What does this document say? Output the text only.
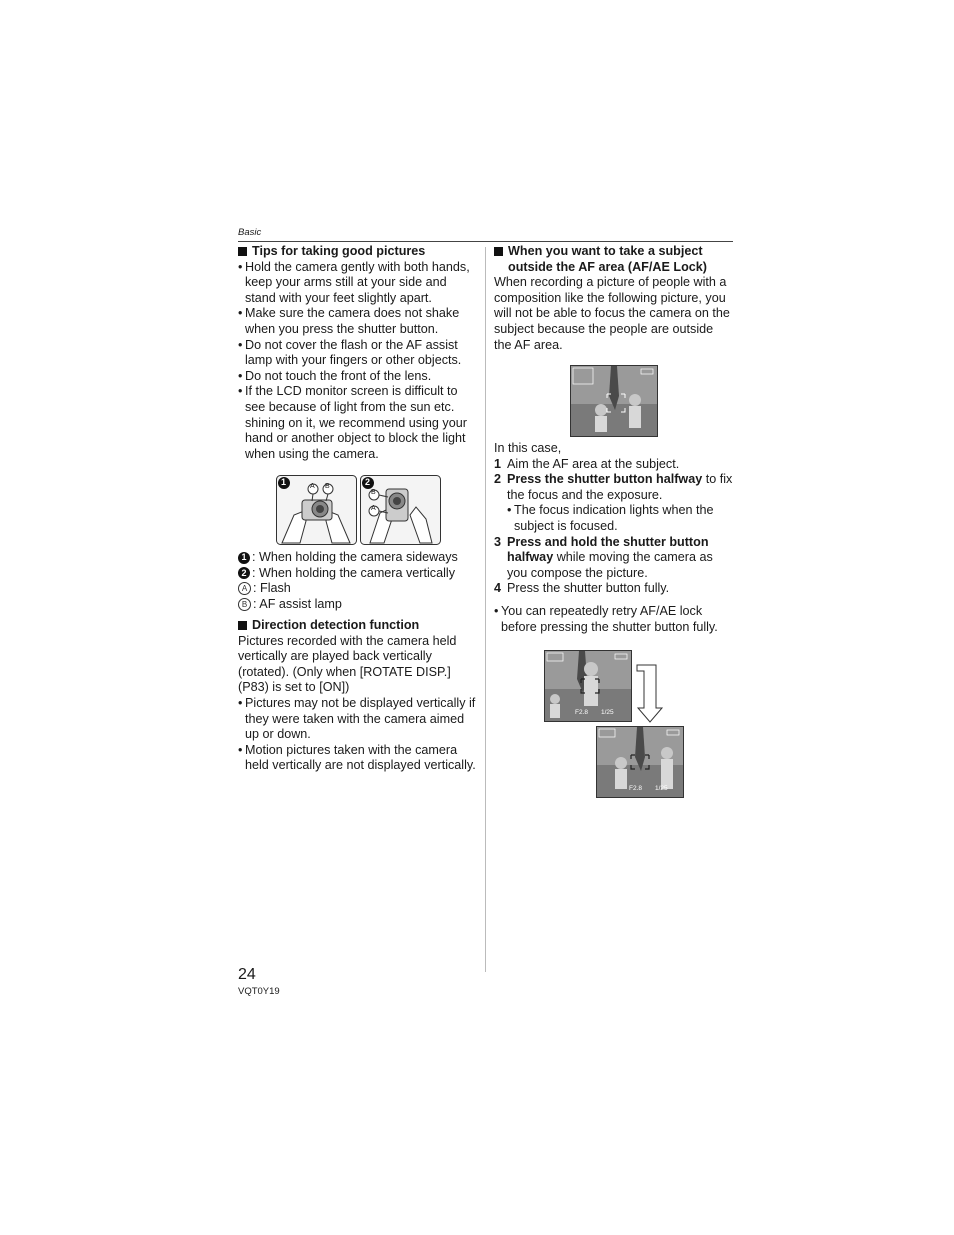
Basic
Tips for taking good pictures
• Hold the camera gently with both hands, keep your arms still at your side and stand with your feet slightly apart.
• Make sure the camera does not shake when you press the shutter button.
• Do not cover the flash or the AF assist lamp with your fingers or other objects.
• Do not touch the front of the lens.
• If the LCD monitor screen is difficult to see because of light from the sun etc. shining on it, we recommend using your hand or another object to block the light when using the camera.
1	A B	2
B
A
1 : When holding the camera sideways
2 : When holding the camera vertically
A : Flash
B : AF assist lamp
Direction detection function
Pictures recorded with the camera held vertically are played back vertically (rotated). (Only when [ROTATE DISP.] (P83) is set to [ON])
• Pictures may not be displayed vertically if they were taken with the camera aimed up or down.
• Motion pictures taken with the camera held vertically are not displayed vertically.
When you want to take a subject
outside the AF area (AF/AE Lock)
When recording a picture of people with a composition like the following picture, you will not be able to focus the camera on the subject because the people are outside the AF area.
In this case,
1 Aim the AF area at the subject.
2 Press the shutter button halfway to fix the focus and the exposure.
• The focus indication lights when the subject is focused.
3 Press and hold the shutter button halfway while moving the camera as you compose the picture.
4 Press the shutter button fully.
• You can repeatedly retry AF/AE lock before pressing the shutter button fully.
F2.8 1/25
F2.8 1/25
24
VQT0Y19
